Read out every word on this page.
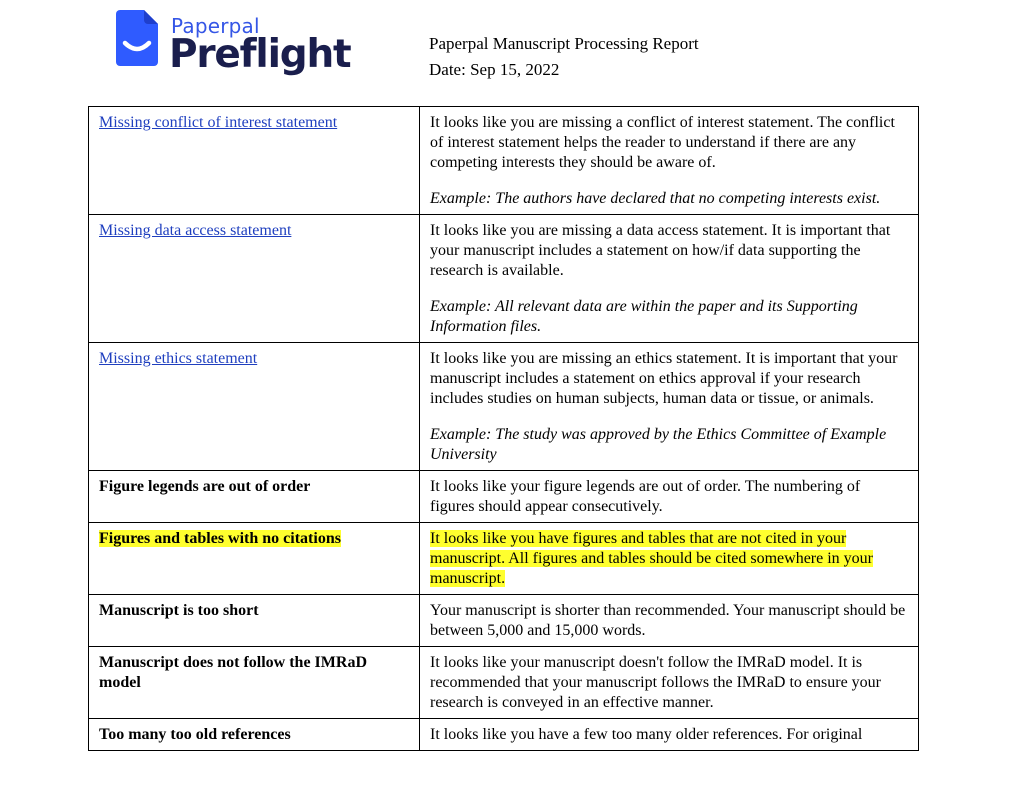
Paperpal
Preflight	Paperpal Manuscript Processing Report
Date: Sep 15, 2022
Missing conflict of interest statement	It looks like you are missing a conflict of interest statement. The conflict of interest statement helps the reader to understand if there are any competing interests they should be aware of.
Example: The authors have declared that no competing interests exist.

Missing data access statement	It looks like you are missing a data access statement. It is important that your manuscript includes a statement on how/if data supporting the research is available.
Example: All relevant data are within the paper and its Supporting Information files.

Missing ethics statement	It looks like you are missing an ethics statement. It is important that your manuscript includes a statement on ethics approval if your research includes studies on human subjects, human data or tissue, or animals.
Example: The study was approved by the Ethics Committee of Example University

Figure legends are out of order	It looks like your figure legends are out of order. The numbering of figures should appear consecutively.

Figures and tables with no citations	It looks like you have figures and tables that are not cited in your manuscript. All figures and tables should be cited somewhere in your manuscript.
Manuscript is too short	Your manuscript is shorter than recommended. Your manuscript should be between 5,000 and 15,000 words.

Manuscript does not follow the IMRaD model	It looks like your manuscript doesn't follow the IMRaD model. It is recommended that your manuscript follows the IMRaD to ensure your research is conveyed in an effective manner.

Too many too old references	It looks like you have a few too many older references. For original
